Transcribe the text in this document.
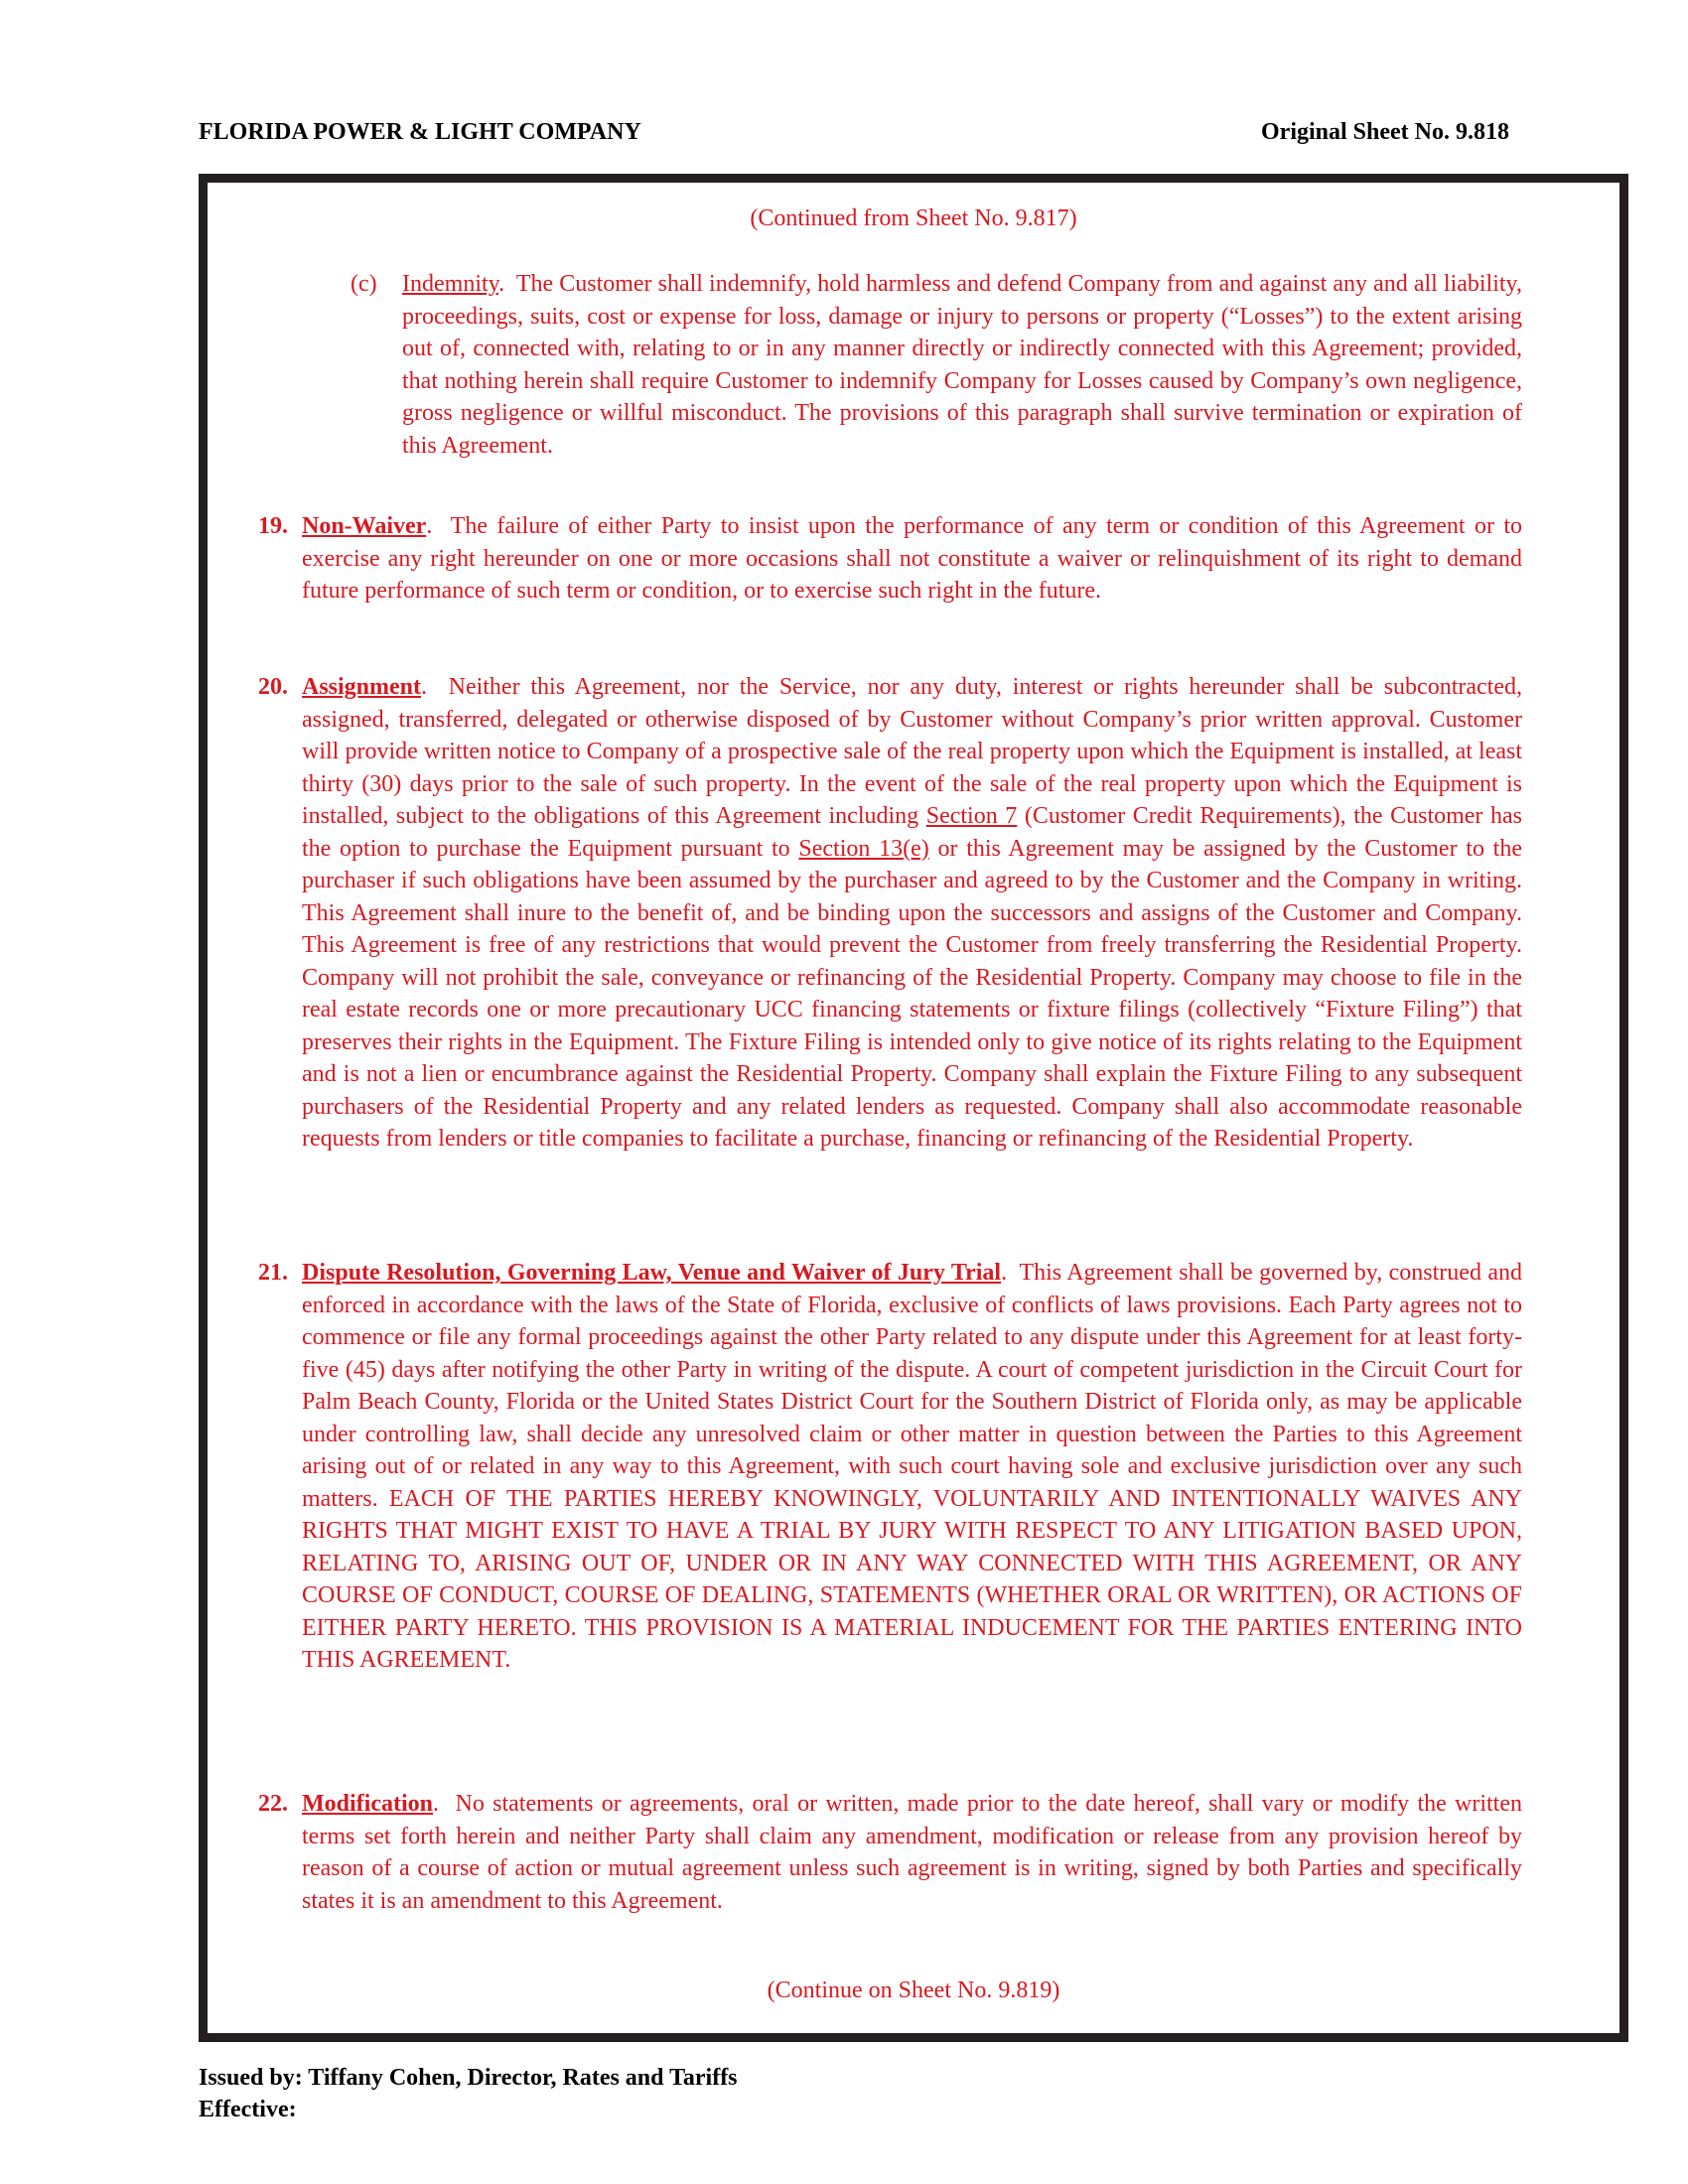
FLORIDA POWER & LIGHT COMPANY	Original Sheet No. 9.818
(Continued from Sheet No. 9.817)
(c) Indemnity.  The Customer shall indemnify, hold harmless and defend Company from and against any and all liability, proceedings, suits, cost or expense for loss, damage or injury to persons or property (“Losses”) to the extent arising out of, connected with, relating to or in any manner directly or indirectly connected with this Agreement; provided, that nothing herein shall require Customer to indemnify Company for Losses caused by Company’s own negligence, gross negligence or willful misconduct. The provisions of this paragraph shall survive termination or expiration of this Agreement.
19. Non-Waiver.  The failure of either Party to insist upon the performance of any term or condition of this Agreement or to exercise any right hereunder on one or more occasions shall not constitute a waiver or relinquishment of its right to demand future performance of such term or condition, or to exercise such right in the future.
20. Assignment.  Neither this Agreement, nor the Service, nor any duty, interest or rights hereunder shall be subcontracted, assigned, transferred, delegated or otherwise disposed of by Customer without Company’s prior written approval. Customer will provide written notice to Company of a prospective sale of the real property upon which the Equipment is installed, at least thirty (30) days prior to the sale of such property. In the event of the sale of the real property upon which the Equipment is installed, subject to the obligations of this Agreement including Section 7 (Customer Credit Requirements), the Customer has the option to purchase the Equipment pursuant to Section 13(e) or this Agreement may be assigned by the Customer to the purchaser if such obligations have been assumed by the purchaser and agreed to by the Customer and the Company in writing. This Agreement shall inure to the benefit of, and be binding upon the successors and assigns of the Customer and Company. This Agreement is free of any restrictions that would prevent the Customer from freely transferring the Residential Property. Company will not prohibit the sale, conveyance or refinancing of the Residential Property. Company may choose to file in the real estate records one or more precautionary UCC financing statements or fixture filings (collectively “Fixture Filing”) that preserves their rights in the Equipment. The Fixture Filing is intended only to give notice of its rights relating to the Equipment and is not a lien or encumbrance against the Residential Property. Company shall explain the Fixture Filing to any subsequent purchasers of the Residential Property and any related lenders as requested. Company shall also accommodate reasonable requests from lenders or title companies to facilitate a purchase, financing or refinancing of the Residential Property.
21. Dispute Resolution, Governing Law, Venue and Waiver of Jury Trial.  This Agreement shall be governed by, construed and enforced in accordance with the laws of the State of Florida, exclusive of conflicts of laws provisions. Each Party agrees not to commence or file any formal proceedings against the other Party related to any dispute under this Agreement for at least forty-five (45) days after notifying the other Party in writing of the dispute. A court of competent jurisdiction in the Circuit Court for Palm Beach County, Florida or the United States District Court for the Southern District of Florida only, as may be applicable under controlling law, shall decide any unresolved claim or other matter in question between the Parties to this Agreement arising out of or related in any way to this Agreement, with such court having sole and exclusive jurisdiction over any such matters. EACH OF THE PARTIES HEREBY KNOWINGLY, VOLUNTARILY AND INTENTIONALLY WAIVES ANY RIGHTS THAT MIGHT EXIST TO HAVE A TRIAL BY JURY WITH RESPECT TO ANY LITIGATION BASED UPON, RELATING TO, ARISING OUT OF, UNDER OR IN ANY WAY CONNECTED WITH THIS AGREEMENT, OR ANY COURSE OF CONDUCT, COURSE OF DEALING, STATEMENTS (WHETHER ORAL OR WRITTEN), OR ACTIONS OF EITHER PARTY HERETO. THIS PROVISION IS A MATERIAL INDUCEMENT FOR THE PARTIES ENTERING INTO THIS AGREEMENT.
22. Modification.  No statements or agreements, oral or written, made prior to the date hereof, shall vary or modify the written terms set forth herein and neither Party shall claim any amendment, modification or release from any provision hereof by reason of a course of action or mutual agreement unless such agreement is in writing, signed by both Parties and specifically states it is an amendment to this Agreement.
(Continue on Sheet No. 9.819)
Issued by: Tiffany Cohen, Director, Rates and Tariffs
Effective:
